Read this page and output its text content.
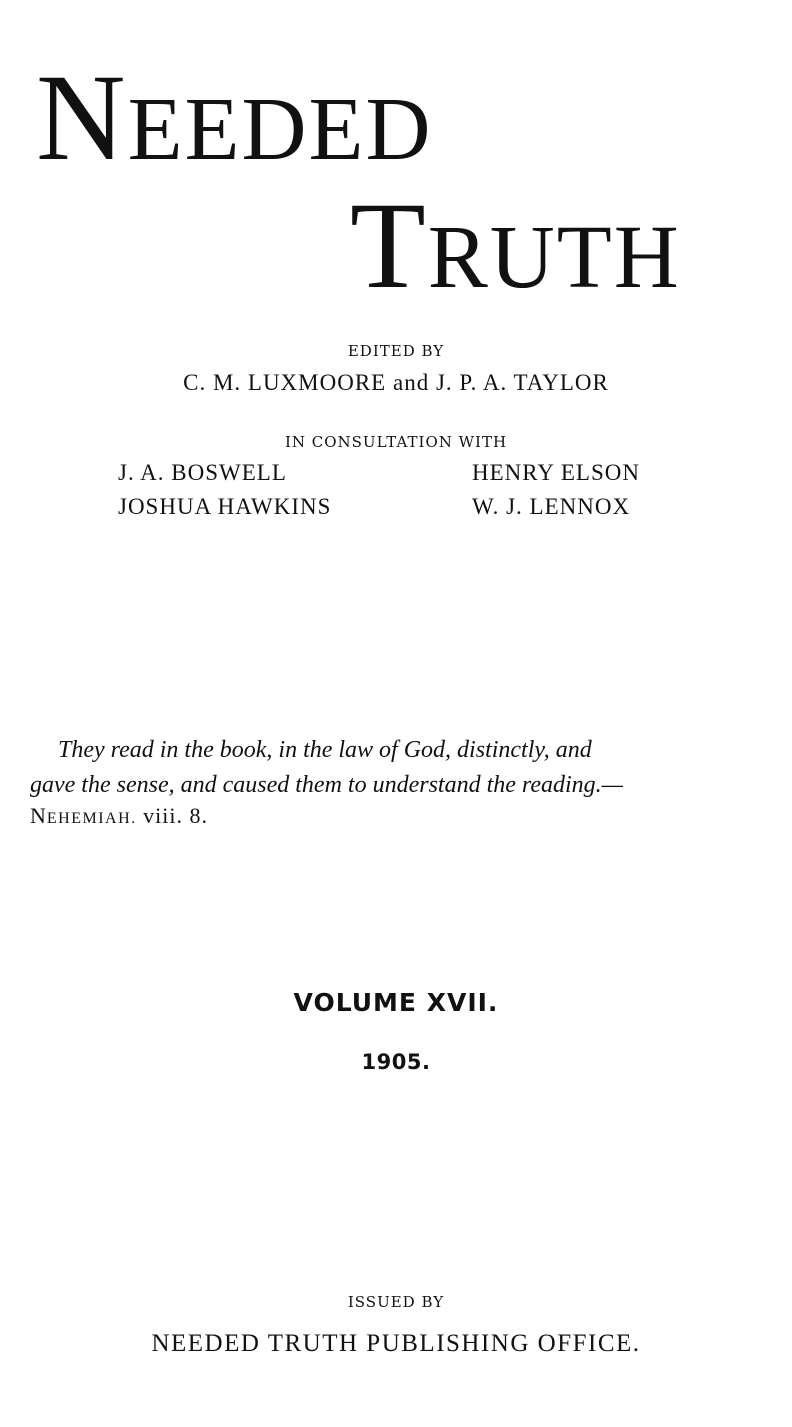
NEEDED
TRUTH
EDITED BY
C. M. LUXMOORE and J. P. A. TAYLOR
IN CONSULTATION WITH
J. A. BOSWELL	HENRY ELSON
JOSHUA HAWKINS	W. J. LENNOX
They read in the book, in the law of God, distinctly, and
gave the sense, and caused them to understand the reading.—
NEHEMIAH. viii. 8.
VOLUME XVII.
1905.
ISSUED BY
NEEDED TRUTH PUBLISHING OFFICE.
